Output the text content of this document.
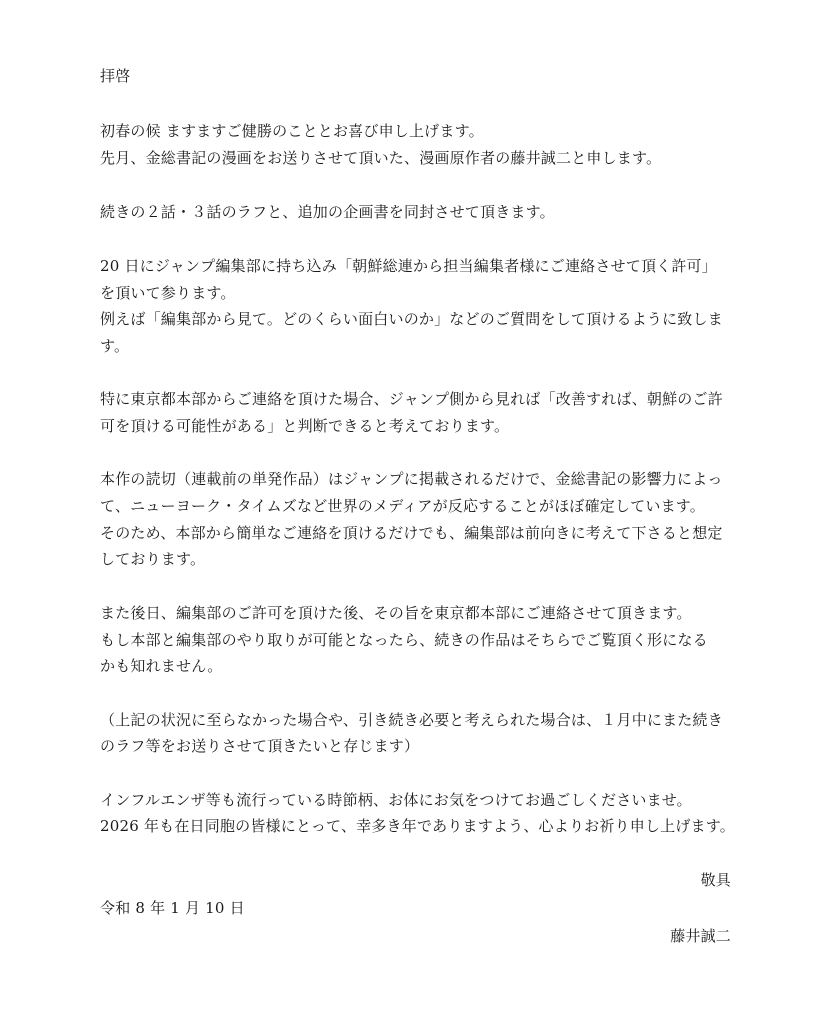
拝啓
初春の候 ますますご健勝のこととお喜び申し上げます。
先月、金総書記の漫画をお送りさせて頂いた、漫画原作者の藤井誠二と申します。
続きの２話・３話のラフと、追加の企画書を同封させて頂きます。
20 日にジャンプ編集部に持ち込み「朝鮮総連から担当編集者様にご連絡させて頂く許可」
を頂いて参ります。
例えば「編集部から見て。どのくらい面白いのか」などのご質問をして頂けるように致しま
す。
特に東京都本部からご連絡を頂けた場合、ジャンプ側から見れば「改善すれば、朝鮮のご許
可を頂ける可能性がある」と判断できると考えております。
本作の読切（連載前の単発作品）はジャンプに掲載されるだけで、金総書記の影響力によっ
て、ニューヨーク・タイムズなど世界のメディアが反応することがほぼ確定しています。
そのため、本部から簡単なご連絡を頂けるだけでも、編集部は前向きに考えて下さると想定
しております。
また後日、編集部のご許可を頂けた後、その旨を東京都本部にご連絡させて頂きます。
もし本部と編集部のやり取りが可能となったら、続きの作品はそちらでご覧頂く形になる
かも知れません。
（上記の状況に至らなかった場合や、引き続き必要と考えられた場合は、１月中にまた続き
のラフ等をお送りさせて頂きたいと存じます）
インフルエンザ等も流行っている時節柄、お体にお気をつけてお過ごしくださいませ。
2026 年も在日同胞の皆様にとって、幸多き年でありますよう、心よりお祈り申し上げます。
敬具
令和 8 年 1 月 10 日
藤井誠二
